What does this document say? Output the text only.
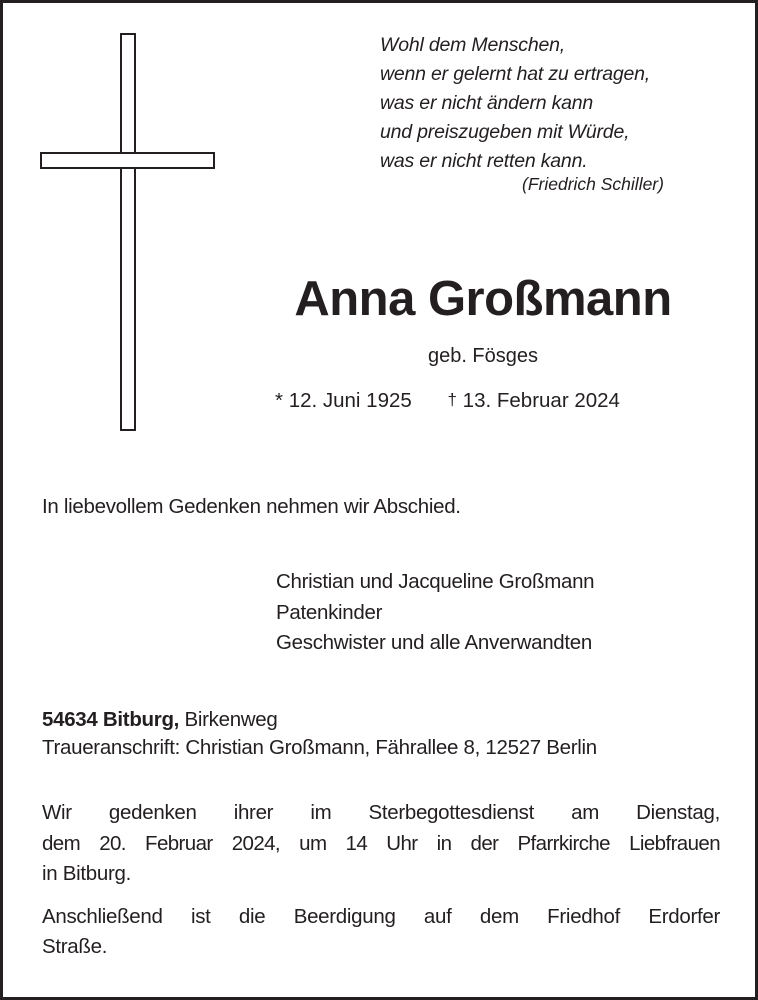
Wohl dem Menschen,
wenn er gelernt hat zu ertragen,
was er nicht ändern kann
und preiszugeben mit Würde,
was er nicht retten kann.
(Friedrich Schiller)
Anna Großmann
geb. Fösges
* 12. Juni 1925 † 13. Februar 2024
In liebevollem Gedenken nehmen wir Abschied.
Christian und Jacqueline Großmann
Patenkinder
Geschwister und alle Anverwandten
54634 Bitburg, Birkenweg
Traueranschrift: Christian Großmann, Fährallee 8, 12527 Berlin
Wir gedenken ihrer im Sterbegottesdienst am Dienstag,
dem 20. Februar 2024, um 14 Uhr in der Pfarrkirche Liebfrauen
in Bitburg.
Anschließend ist die Beerdigung auf dem Friedhof Erdorfer
Straße.
